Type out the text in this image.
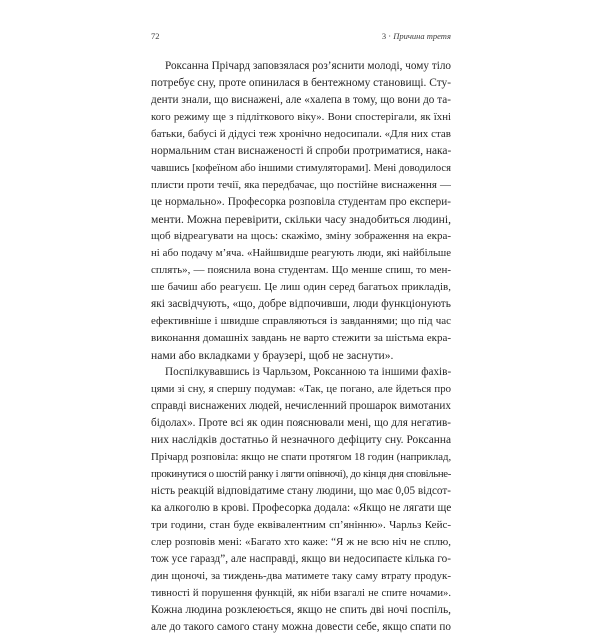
72	3 · Причина третя
Роксанна Прічард заповзялася роз’яснити молоді, чому тіло
потребує сну, проте опинилася в бентежному становищі. Сту-
денти знали, що виснажені, але «халепа в тому, що вони до та-
кого режиму ще з підліткового віку». Вони спостерігали, як їхні
батьки, бабусі й дідусі теж хронічно недосипали. «Для них став
нормальним стан виснаженості й спроби протриматися, нака-
чавшись [кофеїном або іншими стимуляторами]. Мені доводилося
плисти проти течії, яка передбачає, що постійне виснаження —
це нормально». Професорка розповіла студентам про експери-
менти. Можна перевірити, скільки часу знадобиться людині,
щоб відреагувати на щось: скажімо, зміну зображення на екра-
ні або подачу м’яча. «Найшвидше реагують люди, які найбільше
сплять», — пояснила вона студентам. Що менше спиш, то мен-
ше бачиш або реагуєш. Це лиш один серед багатьох прикладів,
які засвідчують, «що, добре відпочивши, люди функціонують
ефективніше і швидше справляються із завданнями; що під час
виконання домашніх завдань не варто стежити за шістьма екра-
нами або вкладками у браузері, щоб не заснути».
Поспілкувавшись із Чарльзом, Роксанною та іншими фахів-
цями зі сну, я спершу подумав: «Так, це погано, але йдеться про
справді виснажених людей, нечисленний прошарок вимотаних
бідолах». Проте всі як один пояснювали мені, що для негатив-
них наслідків достатньо й незначного дефіциту сну. Роксанна
Прічард розповіла: якщо не спати протягом 18 годин (наприклад,
прокинутися о шостій ранку і лягти опівночі), до кінця дня сповільне-
ність реакцій відповідатиме стану людини, що має 0,05 відсот-
ка алкоголю в крові. Професорка додала: «Якщо не лягати ще
три години, стан буде еквівалентним сп’янінню». Чарльз Кейс-
слер розповів мені: «Багато хто каже: “Я ж не всю ніч не сплю,
тож усе гаразд”, але насправді, якщо ви недосипаєте кілька го-
дин щоночі, за тиждень-два матимете таку саму втрату продук-
тивності й порушення функцій, як ніби взагалі не спите ночами».
Кожна людина розклеюється, якщо не спить дві ночі поспіль,
але до такого самого стану можна довести себе, якщо спати по
